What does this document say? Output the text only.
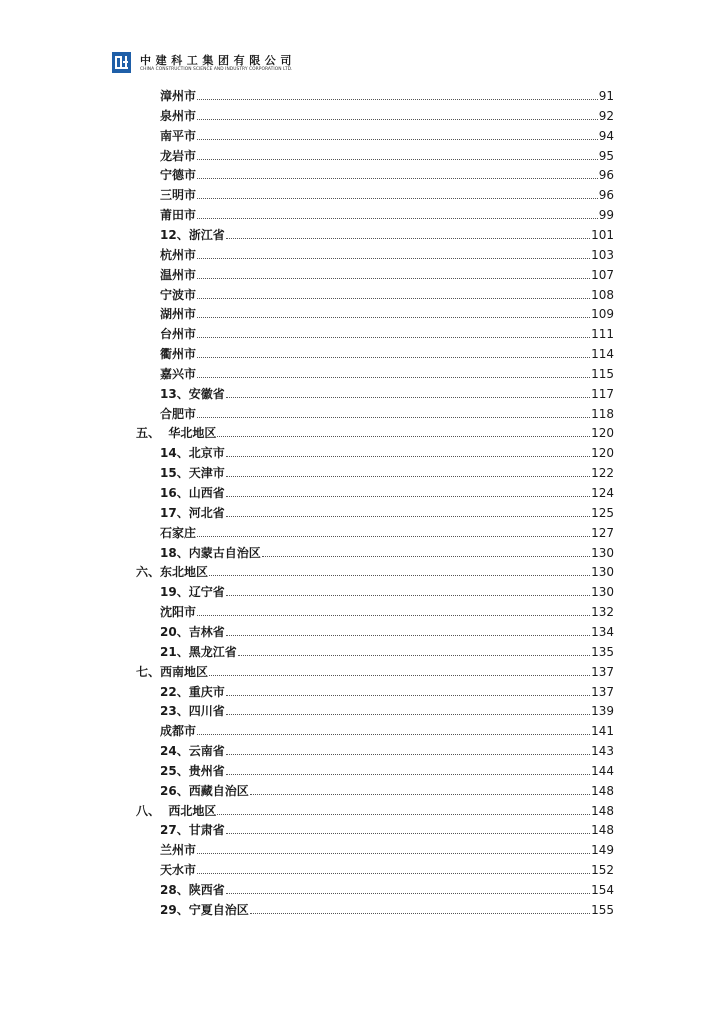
中建科工集团有限公司
CHINA CONSTRUCTION SCIENCE AND INDUSTRY CORPORATION LTD.
漳州市	91
泉州市	92
南平市	94
龙岩市	95
宁德市	96
三明市	96
莆田市	99
12、浙江省	101
杭州市	103
温州市	107
宁波市	108
湖州市	109
台州市	111
衢州市	114
嘉兴市	115
13、安徽省	117
合肥市	118
五、  华北地区	120
14、北京市	120
15、天津市	122
16、山西省	124
17、河北省	125
石家庄	127
18、内蒙古自治区	130
六、东北地区	130
19、辽宁省	130
沈阳市	132
20、吉林省	134
21、黑龙江省	135
七、西南地区	137
22、重庆市	137
23、四川省	139
成都市	141
24、云南省	143
25、贵州省	144
26、西藏自治区	148
八、  西北地区	148
27、甘肃省	148
兰州市	149
天水市	152
28、陕西省	154
29、宁夏自治区	155
